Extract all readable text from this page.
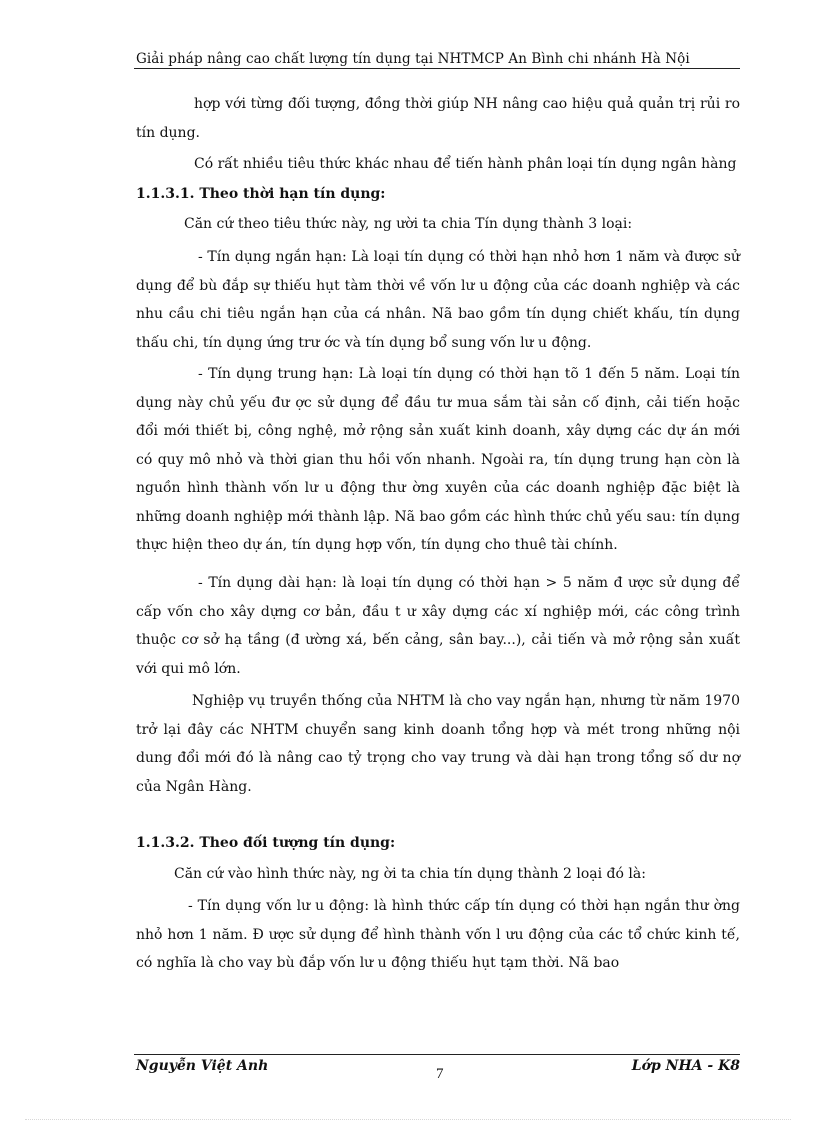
Giải pháp nâng cao chất lượng tín dụng tại NHTMCP An Bình chi nhánh Hà Nội
hợp với từng đối tượng, đồng thời giúp NH nâng cao hiệu quả quản trị rủi ro tín dụng.
Có rất nhiều tiêu thức khác nhau để tiến hành phân loại tín dụng ngân hàng
1.1.3.1. Theo thời hạn tín dụng:
Căn cứ theo tiêu thức này, ng ười ta chia Tín dụng thành 3 loại:
- Tín dụng ngắn hạn: Là loại tín dụng có thời hạn nhỏ hơn 1 năm và được sử dụng để bù đắp sự thiếu hụt tàm thời về vốn lư u động của các doanh nghiệp và các nhu cầu chi tiêu ngắn hạn của cá nhân. Nã bao gồm tín dụng chiết khấu, tín dụng thấu chi, tín dụng ứng trư ớc và tín dụng bổ sung vốn lư u động.
- Tín dụng trung hạn: Là loại tín dụng có thời hạn tõ 1 đến 5 năm. Loại tín dụng này chủ yếu đư ợc sử dụng để đầu tư mua sắm tài sản cố định, cải tiến hoặc đổi mới thiết bị, công nghệ, mở rộng sản xuất kinh doanh, xây dựng các dự án mới có quy mô nhỏ và thời gian thu hồi vốn nhanh. Ngoài ra, tín dụng trung hạn còn là nguồn hình thành vốn lư u động thư ờng xuyên của các doanh nghiệp đặc biệt là những doanh nghiệp mới thành lập. Nã bao gồm các hình thức chủ yếu sau: tín dụng thực hiện theo dự án, tín dụng hợp vốn, tín dụng cho thuê tài chính.
- Tín dụng dài hạn: là loại tín dụng có thời hạn > 5 năm đ ược sử dụng để cấp vốn cho xây dựng cơ bản, đầu t ư xây dựng các xí nghiệp mới, các công trình thuộc cơ sở hạ tầng (đ ường xá, bến cảng, sân bay...), cải tiến và mở rộng sản xuất với qui mô lớn.
Nghiệp vụ truyền thống của NHTM là cho vay ngắn hạn, nhưng từ năm 1970 trở lại đây các NHTM chuyển sang kinh doanh tổng hợp và mét trong những nội dung đổi mới đó là nâng cao tỷ trọng cho vay trung và dài hạn trong tổng số dư nợ của Ngân Hàng.
1.1.3.2. Theo đối tượng tín dụng:
Căn cứ vào hình thức này, ng ời ta chia tín dụng thành 2 loại đó là:
- Tín dụng vốn lư u động: là hình thức cấp tín dụng có thời hạn ngắn thư ờng nhỏ hơn 1 năm. Đ ược sử dụng để hình thành vốn l ưu động của các tổ chức kinh tế, có nghĩa là cho vay bù đắp vốn lư u động thiếu hụt tạm thời. Nã bao
Nguyễn Việt Anh	7	Lớp NHA - K8
